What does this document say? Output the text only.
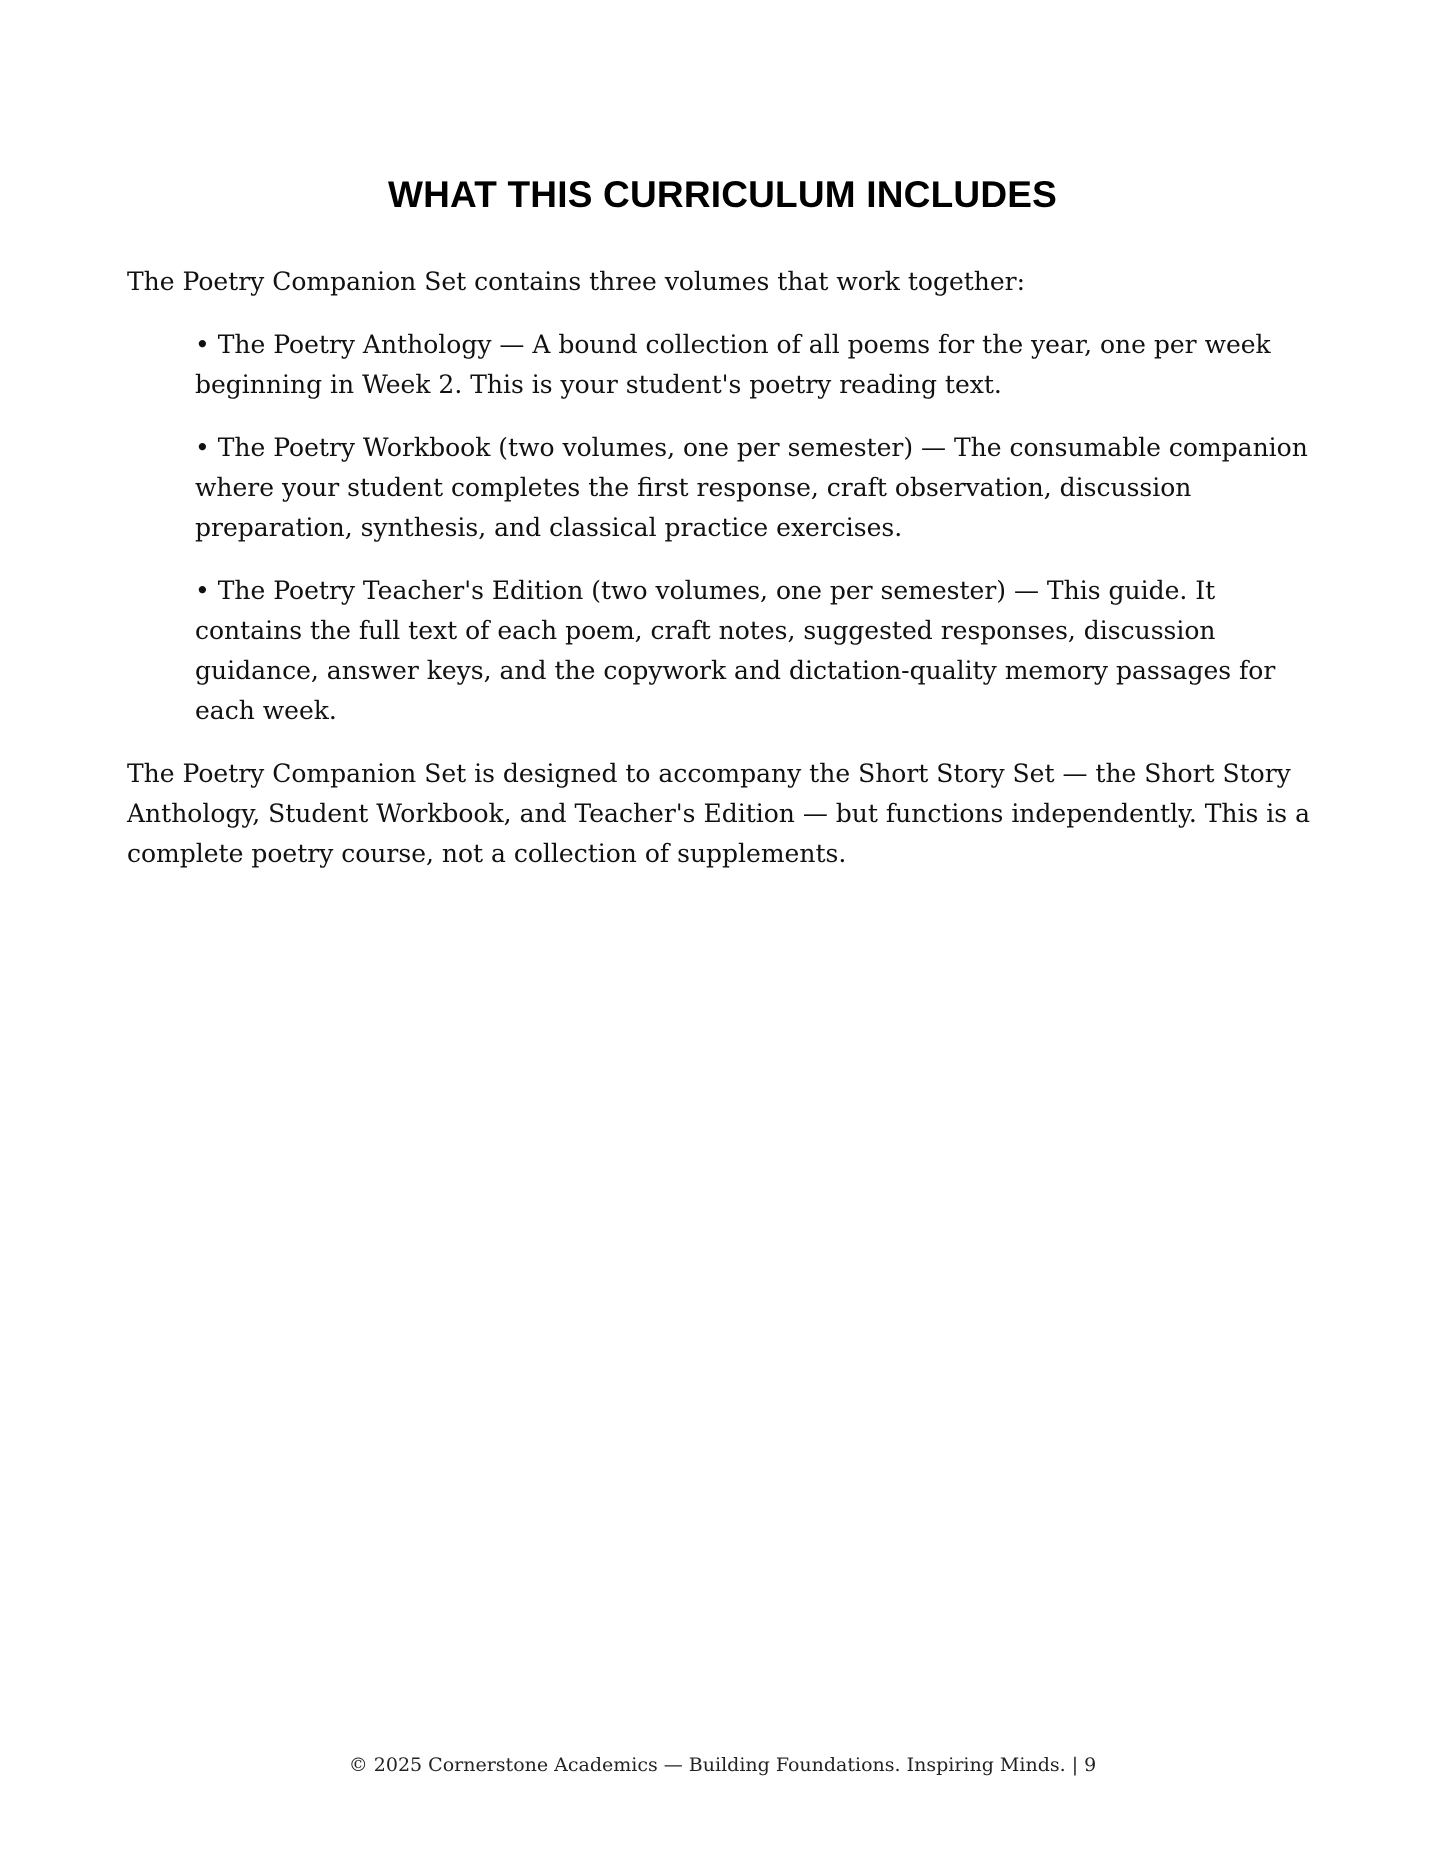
WHAT THIS CURRICULUM INCLUDES

The Poetry Companion Set contains three volumes that work together:

• The Poetry Anthology — A bound collection of all poems for the year, one per week beginning in Week 2. This is your student's poetry reading text.
• The Poetry Workbook (two volumes, one per semester) — The consumable companion where your student completes the first response, craft observation, discussion preparation, synthesis, and classical practice exercises.
• The Poetry Teacher's Edition (two volumes, one per semester) — This guide. It contains the full text of each poem, craft notes, suggested responses, discussion guidance, answer keys, and the copywork and dictation-quality memory passages for each week.

The Poetry Companion Set is designed to accompany the Short Story Set — the Short Story Anthology, Student Workbook, and Teacher's Edition — but functions independently. This is a complete poetry course, not a collection of supplements.

© 2025 Cornerstone Academics — Building Foundations. Inspiring Minds. | 9
